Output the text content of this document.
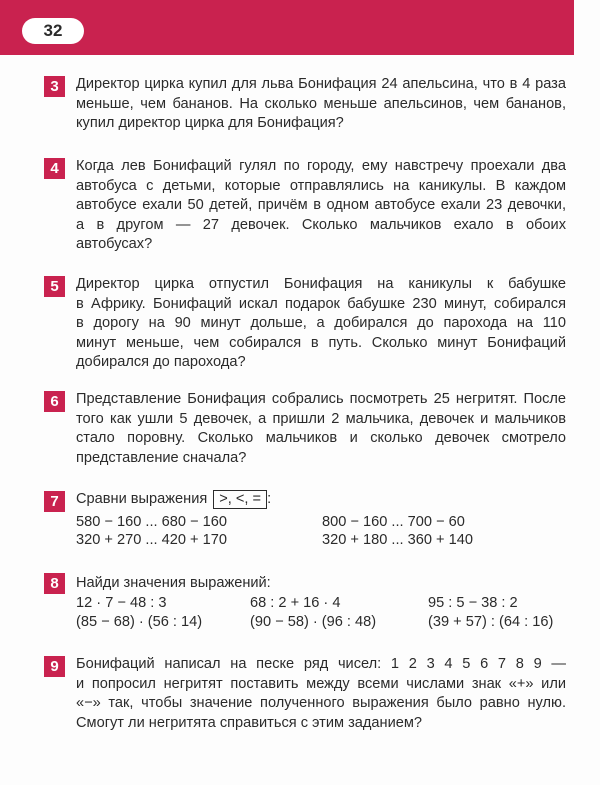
32
3	Директор цирка купил для льва Бонифация 24 апельсина, что в 4 раза
меньше, чем бананов. На сколько меньше апельсинов, чем бананов,
купил директор цирка для Бонифация?
4	Когда лев Бонифаций гулял по городу, ему навстречу проехали два
автобуса с детьми, которые отправлялись на каникулы. В каждом
автобусе ехали 50 детей, причём в одном автобусе ехали 23 девочки,
а в другом — 27 девочек. Сколько мальчиков ехало в обоих
автобусах?
5	Директор цирка отпустил Бонифация на каникулы к бабушке
в Африку. Бонифаций искал подарок бабушке 230 минут, собирался
в дорогу на 90 минут дольше, а добирался до парохода на 110
минут меньше, чем собирался в путь. Сколько минут Бонифаций
добирался до парохода?
6	Представление Бонифация собрались посмотреть 25 негритят. После
того как ушли 5 девочек, а пришли 2 мальчика, девочек и мальчиков
стало поровну. Сколько мальчиков и сколько девочек смотрело
представление сначала?
7	Сравни выражения >, <, = :
580 − 160 ... 680 − 160	800 − 160 ... 700 − 60
320 + 270 ... 420 + 170	320 + 180 ... 360 + 140
8	Найди значения выражений:
12 · 7 − 48 : 3	68 : 2 + 16 · 4	95 : 5 − 38 : 2
(85 − 68) · (56 : 14)	(90 − 58) · (96 : 48)	(39 + 57) : (64 : 16)
9	Бонифаций написал на песке ряд чисел: 1 2 3 4 5 6 7 8 9 —
и попросил негритят поставить между всеми числами знак «+» или
«−» так, чтобы значение полученного выражения было равно нулю.
Смогут ли негритята справиться с этим заданием?
